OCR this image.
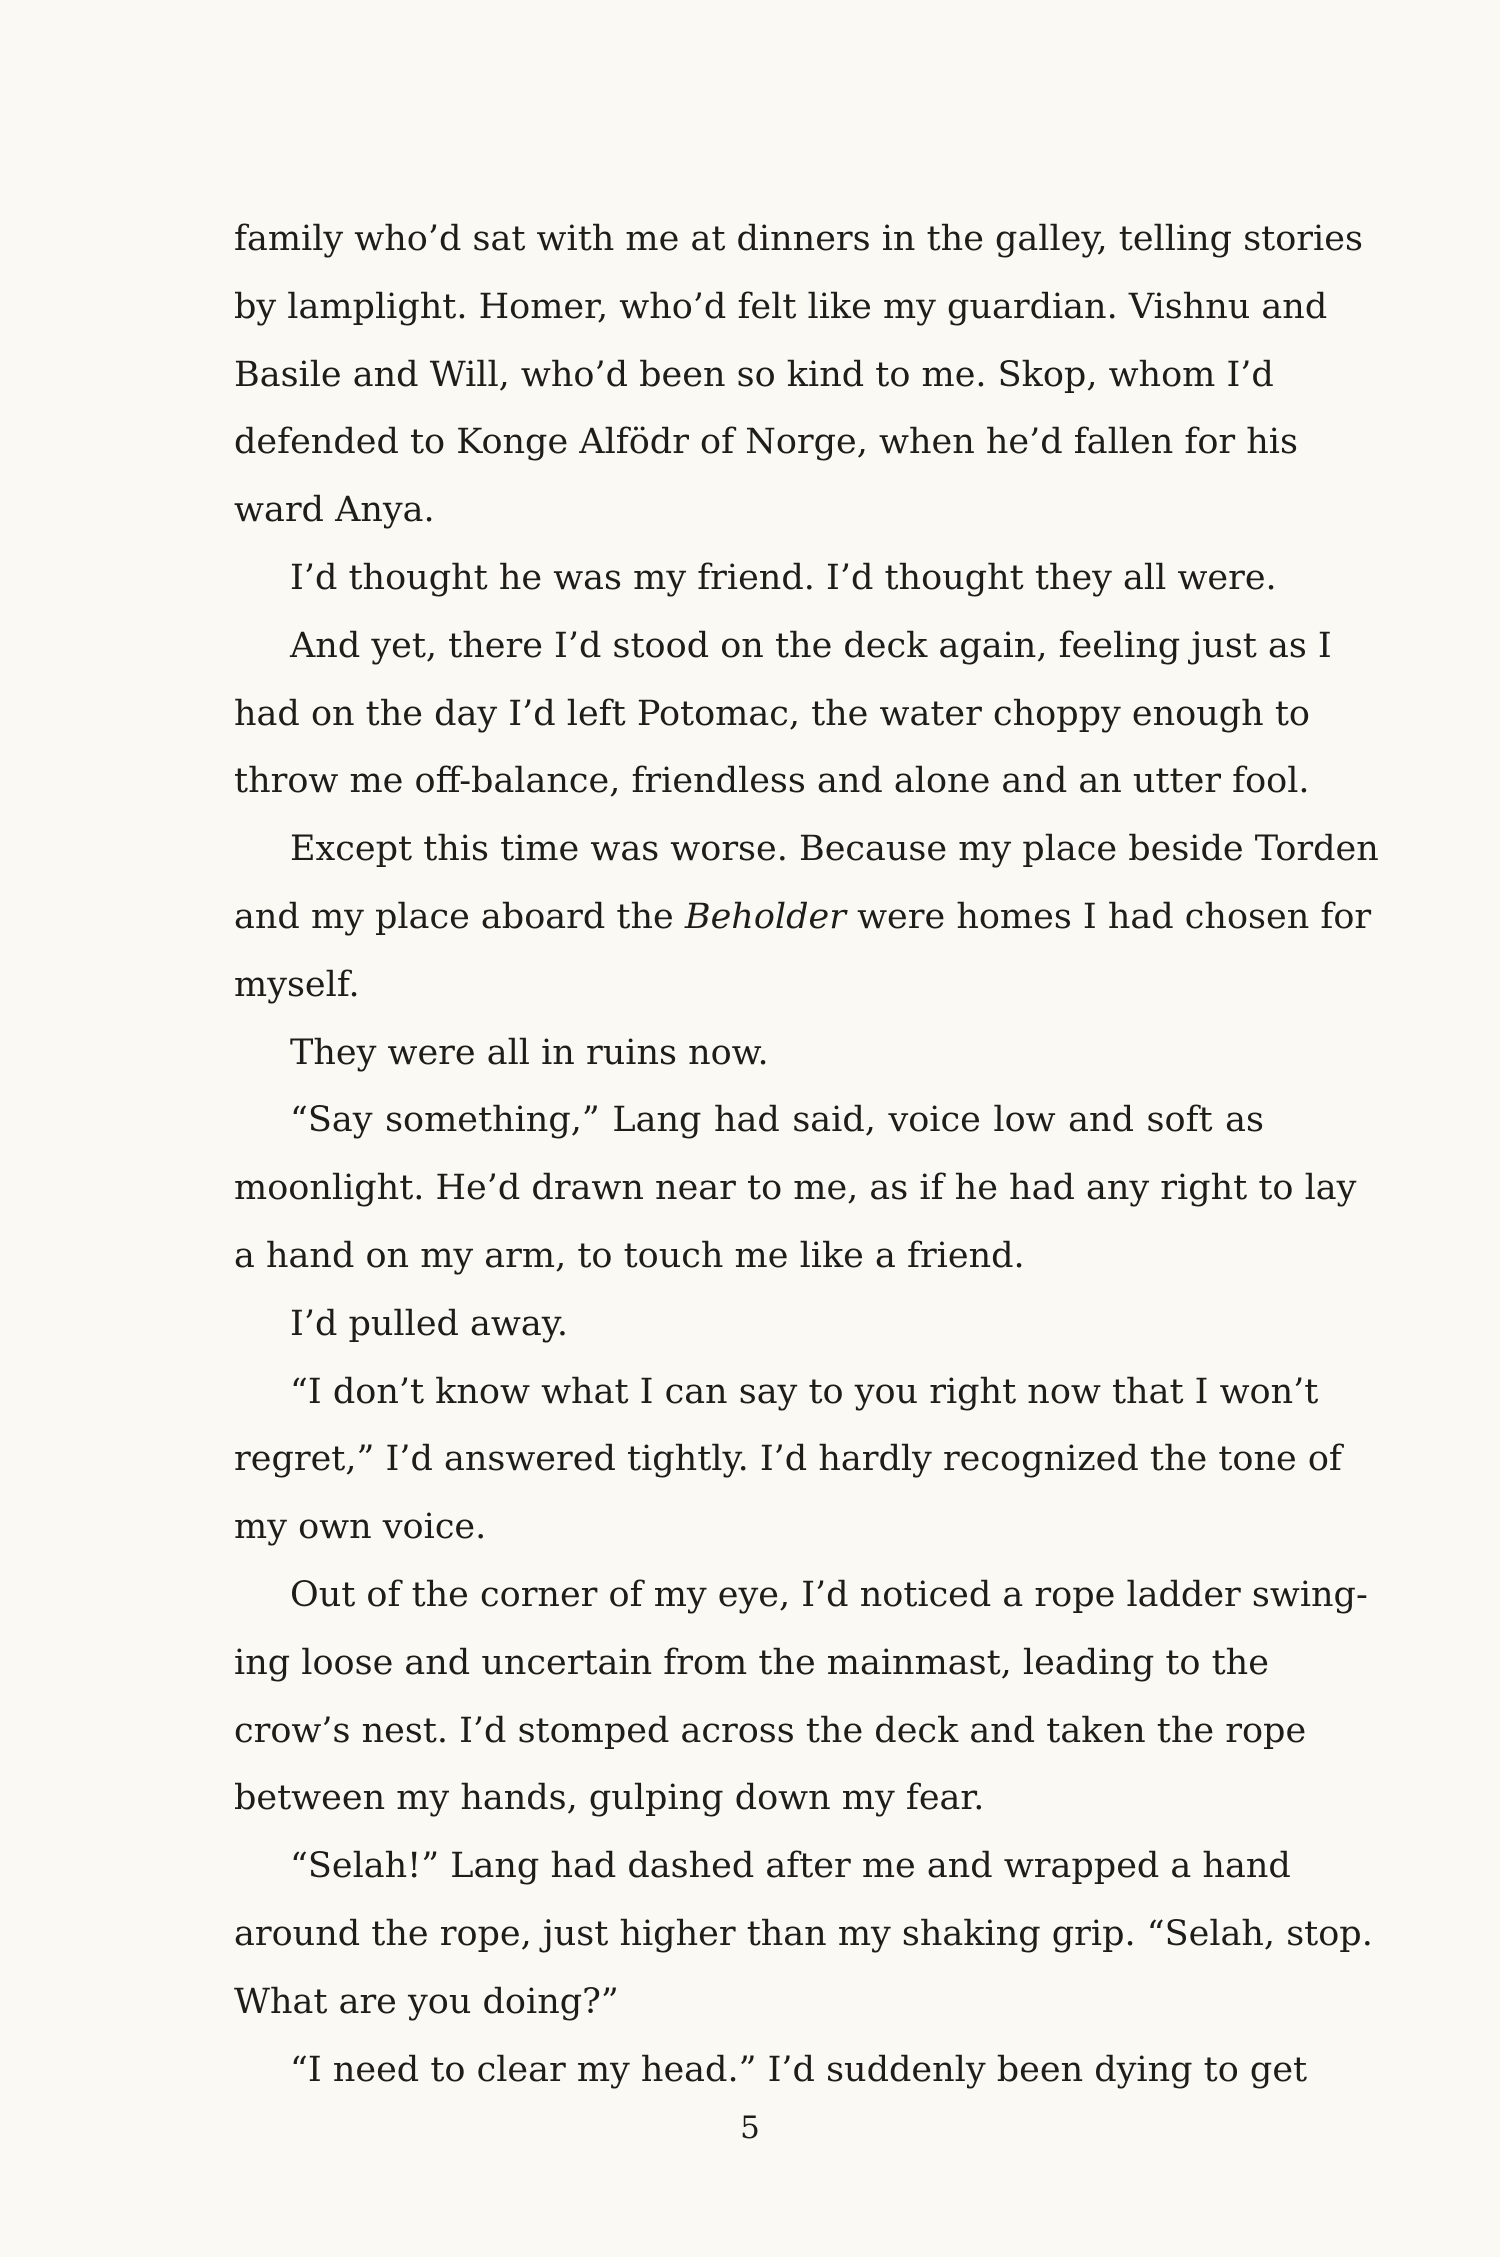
family who’d sat with me at dinners in the galley, telling stories
by lamplight. Homer, who’d felt like my guardian. Vishnu and
Basile and Will, who’d been so kind to me. Skop, whom I’d
defended to Konge Alfödr of Norge, when he’d fallen for his
ward Anya.
I’d thought he was my friend. I’d thought they all were.
And yet, there I’d stood on the deck again, feeling just as I
had on the day I’d left Potomac, the water choppy enough to
throw me off-balance, friendless and alone and an utter fool.
Except this time was worse. Because my place beside Torden
and my place aboard the Beholder were homes I had chosen for
myself.
They were all in ruins now.
“Say something,” Lang had said, voice low and soft as
moonlight. He’d drawn near to me, as if he had any right to lay
a hand on my arm, to touch me like a friend.
I’d pulled away.
“I don’t know what I can say to you right now that I won’t
regret,” I’d answered tightly. I’d hardly recognized the tone of
my own voice.
Out of the corner of my eye, I’d noticed a rope ladder swing-
ing loose and uncertain from the mainmast, leading to the
crow’s nest. I’d stomped across the deck and taken the rope
between my hands, gulping down my fear.
“Selah!” Lang had dashed after me and wrapped a hand
around the rope, just higher than my shaking grip. “Selah, stop.
What are you doing?”
“I need to clear my head.” I’d suddenly been dying to get
5
